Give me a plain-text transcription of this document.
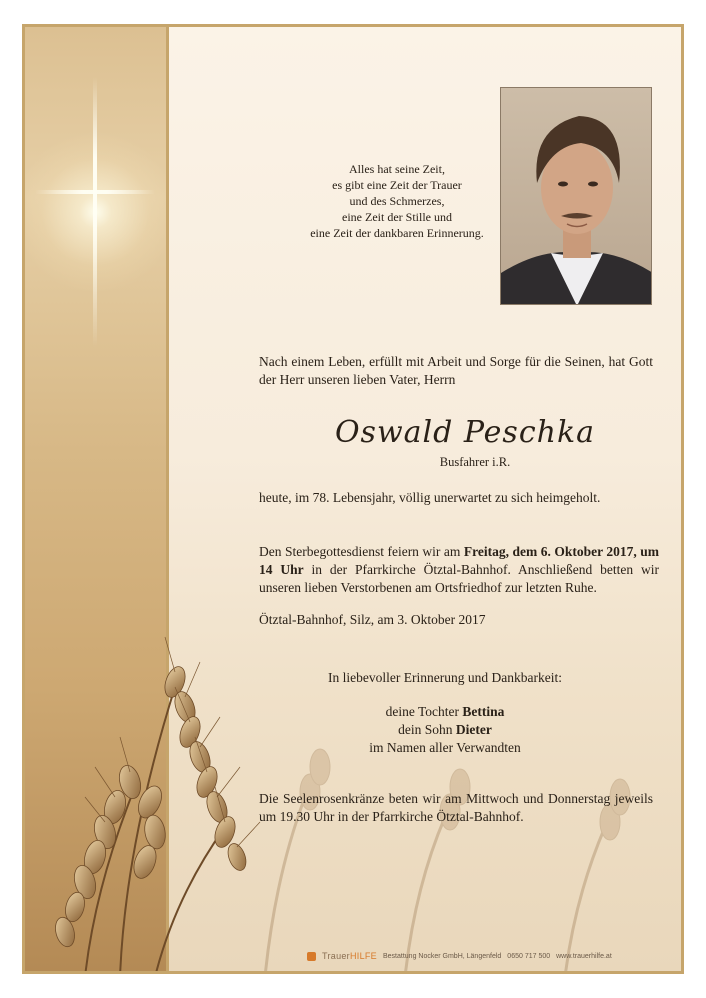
Alles hat seine Zeit,
es gibt eine Zeit der Trauer
und des Schmerzes,
eine Zeit der Stille und
eine Zeit der dankbaren Erinnerung.
Nach einem Leben, erfüllt mit Arbeit und Sorge für die Seinen, hat Gott der Herr unseren lieben Vater, Herrn
Oswald Peschka
Busfahrer i.R.
heute, im 78. Lebensjahr, völlig unerwartet zu sich heimgeholt.
Den Sterbegottesdienst feiern wir am Freitag, dem 6. Oktober 2017, um 14 Uhr in der Pfarrkirche Ötztal-Bahnhof. Anschließend betten wir unseren lieben Verstorbenen am Ortsfriedhof zur letzten Ruhe.
Ötztal-Bahnhof, Silz, am 3. Oktober 2017
In liebevoller Erinnerung und Dankbarkeit:
deine Tochter Bettina
dein Sohn Dieter
im Namen aller Verwandten
Die Seelenrosenkränze beten wir am Mittwoch und Donnerstag jeweils um 19.30 Uhr in der Pfarrkirche Ötztal-Bahnhof.
TrauerHILFE Bestattung Nocker GmbH, Längenfeld 0650 717 500 www.trauerhilfe.at
